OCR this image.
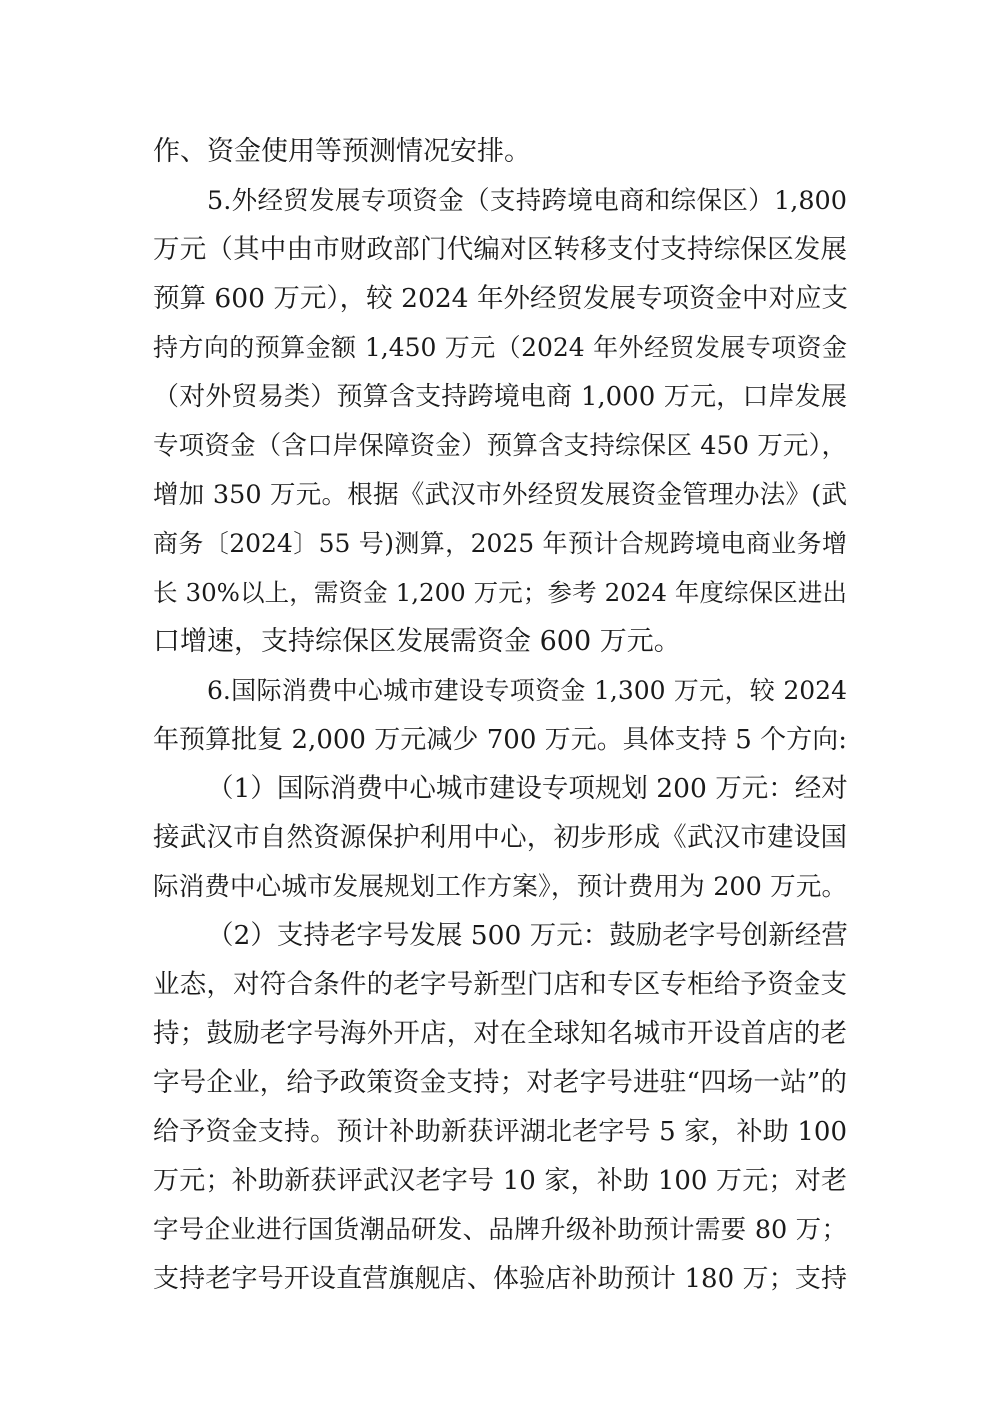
作、资金使用等预测情况安排。
5.外经贸发展专项资金（支持跨境电商和综保区）1,800
万元（其中由市财政部门代编对区转移支付支持综保区发展
预算 600 万元），较 2024 年外经贸发展专项资金中对应支
持方向的预算金额 1,450 万元（2024 年外经贸发展专项资金
（对外贸易类）预算含支持跨境电商 1,000 万元，口岸发展
专项资金（含口岸保障资金）预算含支持综保区 450 万元），
增加 350 万元。根据《武汉市外经贸发展资金管理办法》(武
商务〔2024〕55 号)测算，2025 年预计合规跨境电商业务增
长 30%以上，需资金 1,200 万元；参考 2024 年度综保区进出
口增速，支持综保区发展需资金 600 万元。
6.国际消费中心城市建设专项资金 1,300 万元，较 2024
年预算批复 2,000 万元减少 700 万元。具体支持 5 个方向:
（1）国际消费中心城市建设专项规划 200 万元：经对
接武汉市自然资源保护利用中心，初步形成《武汉市建设国
际消费中心城市发展规划工作方案》，预计费用为 200 万元。
（2）支持老字号发展 500 万元：鼓励老字号创新经营
业态，对符合条件的老字号新型门店和专区专柜给予资金支
持；鼓励老字号海外开店，对在全球知名城市开设首店的老
字号企业，给予政策资金支持；对老字号进驻“四场一站”的
给予资金支持。预计补助新获评湖北老字号 5 家，补助 100
万元；补助新获评武汉老字号 10 家，补助 100 万元；对老
字号企业进行国货潮品研发、品牌升级补助预计需要 80 万；
支持老字号开设直营旗舰店、体验店补助预计 180 万；支持
